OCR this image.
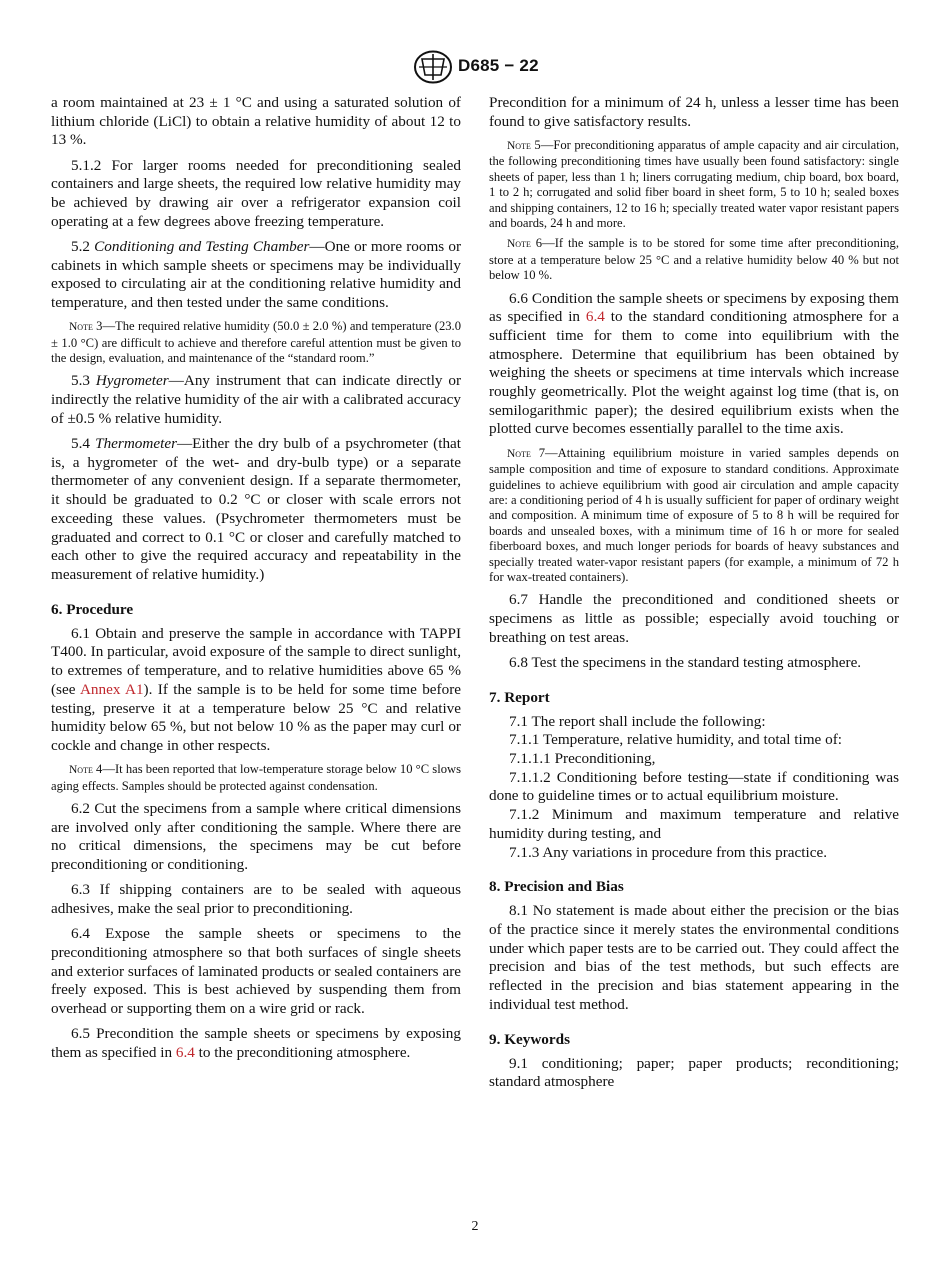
D685 − 22

a room maintained at 23 ± 1 °C and using a saturated solution of lithium chloride (LiCl) to obtain a relative humidity of about 12 to 13 %.

5.1.2 For larger rooms needed for preconditioning sealed containers and large sheets, the required low relative humidity may be achieved by drawing air over a refrigerator expansion coil operating at a few degrees above freezing temperature.

5.2 Conditioning and Testing Chamber—One or more rooms or cabinets in which sample sheets or specimens may be individually exposed to circulating air at the conditioning relative humidity and temperature, and then tested under the same conditions.

Note 3—The required relative humidity (50.0 ± 2.0 %) and temperature (23.0 ± 1.0 °C) are difficult to achieve and therefore careful attention must be given to the design, evaluation, and maintenance of the “standard room.”

5.3 Hygrometer—Any instrument that can indicate directly or indirectly the relative humidity of the air with a calibrated accuracy of ±0.5 % relative humidity.

5.4 Thermometer—Either the dry bulb of a psychrometer (that is, a hygrometer of the wet- and dry-bulb type) or a separate thermometer of any convenient design. If a separate thermometer, it should be graduated to 0.2 °C or closer with scale errors not exceeding these values. (Psychrometer thermometers must be graduated and correct to 0.1 °C or closer and carefully matched to each other to give the required accuracy and repeatability in the measurement of relative humidity.)

6. Procedure

6.1 Obtain and preserve the sample in accordance with TAPPI T400. In particular, avoid exposure of the sample to direct sunlight, to extremes of temperature, and to relative humidities above 65 % (see Annex A1). If the sample is to be held for some time before testing, preserve it at a temperature below 25 °C and relative humidity below 65 %, but not below 10 % as the paper may curl or cockle and change in other respects.

Note 4—It has been reported that low-temperature storage below 10 °C slows aging effects. Samples should be protected against condensation.

6.2 Cut the specimens from a sample where critical dimensions are involved only after conditioning the sample. Where there are no critical dimensions, the specimens may be cut before preconditioning or conditioning.

6.3 If shipping containers are to be sealed with aqueous adhesives, make the seal prior to preconditioning.

6.4 Expose the sample sheets or specimens to the preconditioning atmosphere so that both surfaces of single sheets and exterior surfaces of laminated products or sealed containers are freely exposed. This is best achieved by suspending them from overhead or supporting them on a wire grid or rack.

6.5 Precondition the sample sheets or specimens by exposing them as specified in 6.4 to the preconditioning atmosphere.

Precondition for a minimum of 24 h, unless a lesser time has been found to give satisfactory results.

Note 5—For preconditioning apparatus of ample capacity and air circulation, the following preconditioning times have usually been found satisfactory: single sheets of paper, less than 1 h; liners corrugating medium, chip board, box board, 1 to 2 h; corrugated and solid fiber board in sheet form, 5 to 10 h; sealed boxes and shipping containers, 12 to 16 h; specially treated water vapor resistant papers and boards, 24 h and more.

Note 6—If the sample is to be stored for some time after preconditioning, store at a temperature below 25 °C and a relative humidity below 40 % but not below 10 %.

6.6 Condition the sample sheets or specimens by exposing them as specified in 6.4 to the standard conditioning atmosphere for a sufficient time for them to come into equilibrium with the atmosphere. Determine that equilibrium has been obtained by weighing the sheets or specimens at time intervals which increase roughly geometrically. Plot the weight against log time (that is, on semilogarithmic paper); the desired equilibrium exists when the plotted curve becomes essentially parallel to the time axis.

Note 7—Attaining equilibrium moisture in varied samples depends on sample composition and time of exposure to standard conditions. Approximate guidelines to achieve equilibrium with good air circulation and ample capacity are: a conditioning period of 4 h is usually sufficient for paper of ordinary weight and composition. A minimum time of exposure of 5 to 8 h will be required for boards and unsealed boxes, with a minimum time of 16 h or more for sealed fiberboard boxes, and much longer periods for boards of heavy substances and specially treated water-vapor resistant papers (for example, a minimum of 72 h for wax-treated containers).

6.7 Handle the preconditioned and conditioned sheets or specimens as little as possible; especially avoid touching or breathing on test areas.

6.8 Test the specimens in the standard testing atmosphere.

7. Report

7.1 The report shall include the following:

7.1.1 Temperature, relative humidity, and total time of:

7.1.1.1 Preconditioning,

7.1.1.2 Conditioning before testing—state if conditioning was done to guideline times or to actual equilibrium moisture.

7.1.2 Minimum and maximum temperature and relative humidity during testing, and

7.1.3 Any variations in procedure from this practice.

8. Precision and Bias

8.1 No statement is made about either the precision or the bias of the practice since it merely states the environmental conditions under which paper tests are to be carried out. They could affect the precision and bias of the test methods, but such effects are reflected in the precision and bias statement appearing in the individual test method.

9. Keywords

9.1 conditioning; paper; paper products; reconditioning; standard atmosphere

2
